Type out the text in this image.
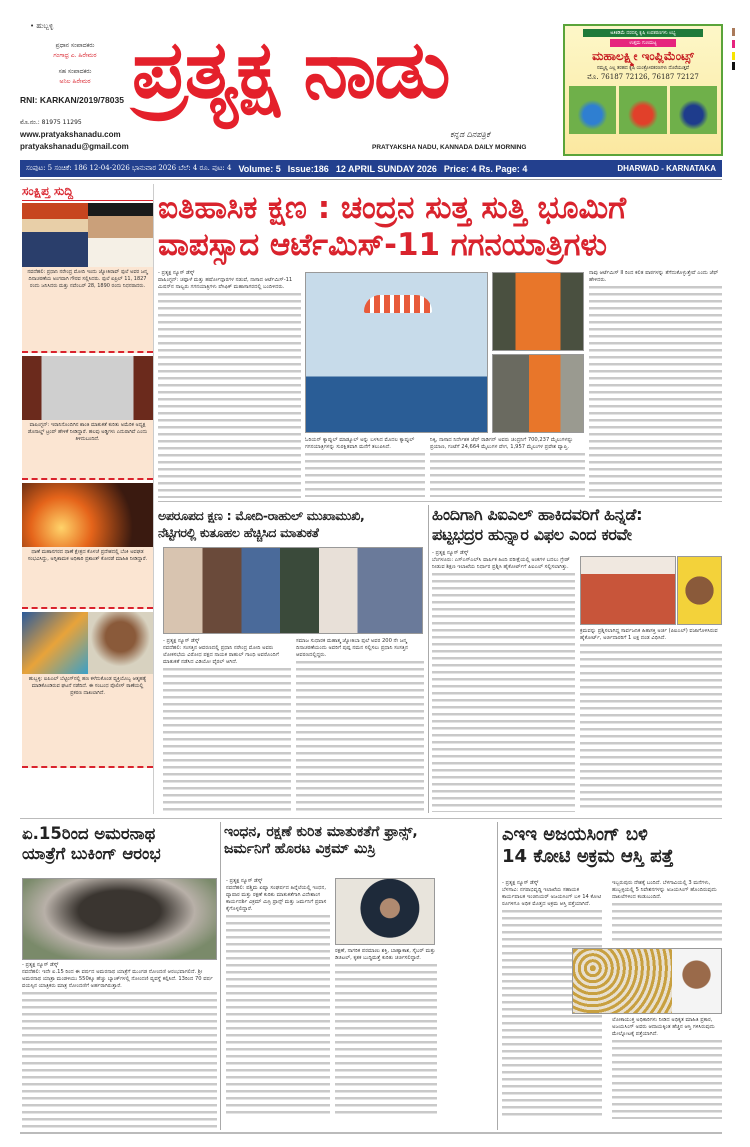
• ಹುಬ್ಬಳ್ಳಿ
ಪ್ರಧಾನ ಸಂಪಾದಕರು
ಗಂಗಾಧ್ರ ಎ. ಹಿರೇಮಠ
ಸಹ ಸಂಪಾದಕರು
ಅನಿಲ ಹಿರೇಮಠ
RNI: KARKAN/2019/78035
ಮೊ.ನಂ.: 81975 11295
www.pratyakshanadu.com
pratyakshanadu@gmail.com
ಪ್ರತ್ಯಕ್ಷ ನಾಡು
ಕನ್ನಡ ದಿನಪತ್ರಿಕೆ
PRATYAKSHA NADU, KANNADA DAILY MORNING
ಅತಿಕಡಿಮೆ ದರದಲ್ಲಿ ಕೃಷಿ ಉಪಕರಣಗಳು ಲಭ್ಯ
ಉತ್ತಮ ಗುಣಮಟ್ಟ
ಮಹಾಲಕ್ಷ್ಮೀ ಇಂಪ್ಲಿಮೆಂಟ್ಸ್
ನಮ್ಮಲ್ಲಿ ಎಲ್ಲ ತರಹದ ಕೃಷಿ ಯಂತ್ರೋಪಕರಣಗಳು ದೊರೆಯುತ್ತವೆ
ಮೊ. 76187 72126, 76187 72127
ಸಂಪುಟ: 5 ಸಂಚಿಕೆ: 186 12-04-2026 ಭಾನುವಾರ 2026 ಬೆಲೆ: 4 ರೂ. ಪುಟ: 4 Volume: 5 Issue:186 12 APRIL SUNDAY 2026 Price: 4 Rs. Page: 4	DHARWAD - KARNATAKA
ಸಂಕ್ಷಿಪ್ತ ಸುದ್ದಿ
ನವದೆಹಲಿ: ಪ್ರಧಾನಿ ನರೇಂದ್ರ ಮೋದಿ ಇಂದು ಜ್ಯೋತಿರಾವ್ ಫುಲೆ ಅವರ ಜನ್ಮ ದಿನಾಚರಣೆಯ ಅಂಗವಾಗಿ ಗೌರವ ಸಲ್ಲಿಸಿದರು. ಫುಲೆ ಏಪ್ರಿಲ್ 11, 1827 ರಂದು ಜನಿಸಿದರು ಮತ್ತು ನವೆಂಬರ್ 28, 1890 ರಂದು ನಿಧನರಾದರು.
ವಾಷಿಂಗ್ಟನ್: ಇರಾನಿನೊಂದಿಗಿನ ಶಾಂತಿ ಮಾತುಕತೆ ಕುರಿತು ಅಮೆರಿಕ ಅಧ್ಯಕ್ಷ ಡೊನಾಲ್ಡ್ ಟ್ರಂಪ್ ಹೇಳಿಕೆ ನೀಡಿದ್ದಾರೆ. ಹಲವು ಅಡ್ಡಿಗಳು ಎದುರಾಗಿವೆ ಎಂದು ತಿಳಿದುಬಂದಿದೆ.
ಥಾಣೆ ಮಹಾನಗರದ ಥಾಣೆ ಕ್ಷೇತ್ರದ ಕೊಳಚೆ ಪ್ರದೇಶದಲ್ಲಿ ಬೆಂಕಿ ಅವಘಡ ಸಂಭವಿಸಿದ್ದು, ಅಗ್ನಿಶಾಮಕ ಅಧಿಕಾರಿ ಪ್ರಶಾಂತ್ ಕೋರಡೆ ಮಾಹಿತಿ ನೀಡಿದ್ದಾರೆ.
ಹುಬ್ಬಳ್ಳಿ: ಐಪಿಎಲ್ ಬೆಟ್ಟಿಂಗ್‌ನಲ್ಲಿ ಹಣ ಕಳೆದುಕೊಂಡ ವ್ಯಕ್ತಿಯೊಬ್ಬ ಆತ್ಮಹತ್ಯೆ ಮಾಡಿಕೊಂಡಿರುವ ಘಟನೆ ನಡೆದಿದೆ. ಈ ಸಂಬಂಧ ಪೊಲೀಸ್ ಠಾಣೆಯಲ್ಲಿ ಪ್ರಕರಣ ದಾಖಲಾಗಿದೆ.
ಐತಿಹಾಸಿಕ ಕ್ಷಣ : ಚಂದ್ರನ ಸುತ್ತ ಸುತ್ತಿ ಭೂಮಿಗೆ
ವಾಪಸ್ಸಾದ ಆರ್ಟೆಮಿಸ್-11 ಗಗನಯಾತ್ರಿಗಳು
- ಪ್ರತ್ಯಕ್ಷ ನ್ಯೂಸ್ ಡೆಸ್ಕ್
ವಾಷಿಂಗ್ಟನ್: ಚಪ್ಪಾಳೆ ಮತ್ತು ಹರ್ಷೋದ್ಗಾರಗಳ ನಡುವೆ, ನಾಸಾದ ಆರ್ಟೆಮಿಸ್-11 ಮಿಷನ್‌ನ ನಾಲ್ವರು ಗಗನಯಾತ್ರಿಗಳು ಪೆಸಿಫಿಕ್ ಮಹಾಸಾಗರದಲ್ಲಿ ಬಂದಿಳಿದರು.
ಓರಿಯನ್ ಕ್ಯಾಪ್ಸುಲ್ ಮಾಡ್ಯೂಲ್ ಅನ್ನು ಬಳಸಿದ ಮೊದಲ ಕ್ಯಾಪ್ಸುಲ್ ಗಗನಯಾತ್ರಿಗಳನ್ನು ಸುರಕ್ಷಿತವಾಗಿ ಮನೆಗೆ ತಲುಪಿಸಿದೆ.
ನಿಕ್ಕಿ, ನಾಸಾದ ನಿರ್ದೇಶಕ ಜೆಫ್ ರಾಡಿಗನ್ ಅವರು ಚಂದ್ರನಿಗೆ 700,237 ಮೈಲುಗಳಷ್ಟು ಪ್ರಯಾಣ, ಗಂಟೆಗೆ 24,664 ಮೈಲುಗಳ ವೇಗ, 1,957 ಮೈಲುಗಳ ಪ್ರವೇಶ ವ್ಯಾಪ್ತಿ.
ನಾವು ಆರ್ಟೆಮಿಸ್ II ರಿಂದ ಕಲಿತ ಪಾಠಗಳನ್ನು ತೆಗೆದುಕೊಳ್ಳುತ್ತೇವೆ ಎಂದು ಜೆಫ್ ಹೇಳಿದರು.
ಅಪರೂಪದ ಕ್ಷಣ : ಮೋದಿ-ರಾಹುಲ್ ಮುಖಾಮುಖಿ,
ನೆಟ್ಟಿಗರಲ್ಲಿ ಕುತೂಹಲ ಹೆಚ್ಚಿಸಿದ ಮಾತುಕತೆ
- ಪ್ರತ್ಯಕ್ಷ ನ್ಯೂಸ್ ಡೆಸ್ಕ್
ನವದೆಹಲಿ: ಸಂಸತ್ತಿನ ಆವರಣದಲ್ಲಿ ಪ್ರಧಾನಿ ನರೇಂದ್ರ ಮೋದಿ ಅವರು ಲೋಕಸಭೆಯ ವಿರೋಧ ಪಕ್ಷದ ನಾಯಕ ರಾಹುಲ್ ಗಾಂಧಿ ಅವರೊಂದಿಗೆ ಮಾತುಕತೆ ನಡೆಸಿದ ವಿಡಿಯೋ ವೈರಲ್ ಆಗಿದೆ.
ಸಮಾಜ ಸುಧಾರಕ ಮಹಾತ್ಮ ಜ್ಯೋತಿಬಾ ಫುಲೆ ಅವರ 200 ನೇ ಜನ್ಮ ದಿನಾಚರಣೆಯಂದು ಅವರಿಗೆ ಪುಷ್ಪ ನಮನ ಸಲ್ಲಿಸಲು ಪ್ರಧಾನಿ ಸಂಸತ್ತಿನ ಆವರಣದಲ್ಲಿದ್ದರು.
ಹಿಂದಿಗಾಗಿ ಪಿಐಎಲ್ ಹಾಕಿದವರಿಗೆ ಹಿನ್ನಡೆ:
ಪಟ್ಟಭದ್ರರ ಹುನ್ನಾರ ವಿಫಲ ಎಂದ ಕರವೇ
- ಪ್ರತ್ಯಕ್ಷ ನ್ಯೂಸ್ ಡೆಸ್ಕ್
ಬೆಂಗಳೂರು: ಎಸ್‌ಎಸ್‌ಎಲ್‌ಸಿ ವಾರ್ಷಿಕ ಹಿಂದಿ ಪರೀಕ್ಷೆಯಲ್ಲಿ ಅಂಕಗಳ ಬದಲು ಗ್ರೇಡ್ ನೀಡುವ ಶಿಕ್ಷಣ ಇಲಾಖೆಯ ನಿರ್ಧಾರ ಪ್ರಶ್ನಿಸಿ ಹೈಕೋರ್ಟ್‌ಗೆ ಪಿಐಎಲ್ ಸಲ್ಲಿಸಲಾಗಿತ್ತು.
ಕ್ರಮವನ್ನು ಪ್ರಶ್ನಿಸಲಾಗಿದ್ದ ಸಾರ್ವಜನಿಕ ಹಿತಾಸಕ್ತಿ ಅರ್ಜಿ (ಪಿಐಎಲ್) ವಜಾಗೊಳಿಸಿರುವ ಹೈಕೋರ್ಟ್, ಅರ್ಜಿದಾರರಿಗೆ 1 ಲಕ್ಷ ದಂಡ ವಿಧಿಸಿದೆ.
ಏ.15ರಿಂದ ಅಮರನಾಥ
ಯಾತ್ರೆಗೆ ಬುಕಿಂಗ್ ಆರಂಭ
- ಪ್ರತ್ಯಕ್ಷ ನ್ಯೂಸ್ ಡೆಸ್ಕ್
ನವದೆಹಲಿ: ಇದೇ ಏ.15 ರಿಂದ ಈ ವರ್ಷದ ಅಮರನಾಥ ಯಾತ್ರೆಗೆ ಮುಂಗಡ ನೋಂದಣಿ ಆರಂಭವಾಗಲಿದೆ. ಶ್ರೀ ಅಮರನಾಥ ಯಾತ್ರಾ ಮಂಡಳಿಯು 550ಕ್ಕೂ ಹೆಚ್ಚು ಬ್ಯಾಂಕ್‌ಗಳಲ್ಲಿ ನೋಂದಣಿ ವ್ಯವಸ್ಥೆ ಕಲ್ಪಿಸಿದೆ. 13ರಿಂದ 70 ವರ್ಷ ವಯಸ್ಸಿನ ಯಾತ್ರಿಕರು ಮಾತ್ರ ನೋಂದಣಿಗೆ ಅರ್ಹರಾಗಿರುತ್ತಾರೆ.
ಇಂಧನ, ರಕ್ಷಣೆ ಕುರಿತ ಮಾತುಕತೆಗೆ ಫ್ರಾನ್ಸ್,
ಜರ್ಮನಿಗೆ ಹೊರಟ ವಿಕ್ರಮ್ ಮಿಸ್ರಿ
- ಪ್ರತ್ಯಕ್ಷ ನ್ಯೂಸ್ ಡೆಸ್ಕ್
ನವದೆಹಲಿ: ಪಶ್ಚಿಮ ಏಷ್ಯಾ ಸಂಘರ್ಷದ ಹಿನ್ನೆಲೆಯಲ್ಲಿ ಇಂಧನ, ವ್ಯಾಪಾರ ಮತ್ತು ರಕ್ಷಣೆ ಕುರಿತು ಮಾತುಕತೆಗಾಗಿ ವಿದೇಶಾಂಗ ಕಾರ್ಯದರ್ಶಿ ವಿಕ್ರಮ್ ಮಿಸ್ರಿ ಫ್ರಾನ್ಸ್ ಮತ್ತು ಜರ್ಮನಿಗೆ ಪ್ರವಾಸ ಕೈಗೊಳ್ಳಲಿದ್ದಾರೆ.
ರಕ್ಷಣೆ, ನಾಗರಿಕ ಪರಮಾಣು ಶಕ್ತಿ, ಬಾಹ್ಯಾಕಾಶ, ಸೈಬರ್ ಮತ್ತು ಡಿಜಿಟಲ್, ಕೃತಕ ಬುದ್ಧಿಮತ್ತೆ ಕುರಿತು ಚರ್ಚಿಸಲಿದ್ದಾರೆ.
ಎಇಇ ಅಜಯಸಿಂಗ್ ಬಳಿ
14 ಕೋಟಿ ಅಕ್ರಮ ಆಸ್ತಿ ಪತ್ತೆ
- ಪ್ರತ್ಯಕ್ಷ ನ್ಯೂಸ್ ಡೆಸ್ಕ್
ಬೆಳಗಾವಿ: ನಗರಾಭಿವೃದ್ಧಿ ಇಲಾಖೆಯ ಸಹಾಯಕ ಕಾರ್ಯಪಾಲಕ ಇಂಜಿನಿಯರ್ ಅಜಯಸಿಂಗ್ ಬಳಿ 14 ಕೋಟಿ ರೂಗಳಿಗೂ ಅಧಿಕ ಮೊತ್ತದ ಅಕ್ರಮ ಆಸ್ತಿ ಪತ್ತೆಯಾಗಿದೆ.
ಇಬ್ಬರುಪುರು ದೇಶಕ್ಕೆ ಬಂದಿದೆ. ಬೆಳಗಾವಿಯಲ್ಲಿ 3 ಮನೆಗಳು, ಹುಬ್ಬಳ್ಳಿಯಲ್ಲಿ 5 ನಿವೇಶನಗಳನ್ನು ಅಜಯಸಿಂಗ್ ಹೊಂದಿರುವುದು ದಾಖಲೆಗಳಿಂದ ಕಂಡುಬಂದಿದೆ.
ಲೋಕಾಯುಕ್ತ ಅಧಿಕಾರಿಗಳು ನೀಡಿದ ಅಧಿಕೃತ ಮಾಹಿತಿ ಪ್ರಕಾರ, ಅಜಯಸಿಂಗ್ ಅವರು ಆದಾಯಕ್ಕಿಂತ ಹೆಚ್ಚಿನ ಆಸ್ತಿ ಗಳಿಸಿರುವುದು ಮೇಲ್ನೋಟಕ್ಕೆ ಪತ್ತೆಯಾಗಿದೆ.
